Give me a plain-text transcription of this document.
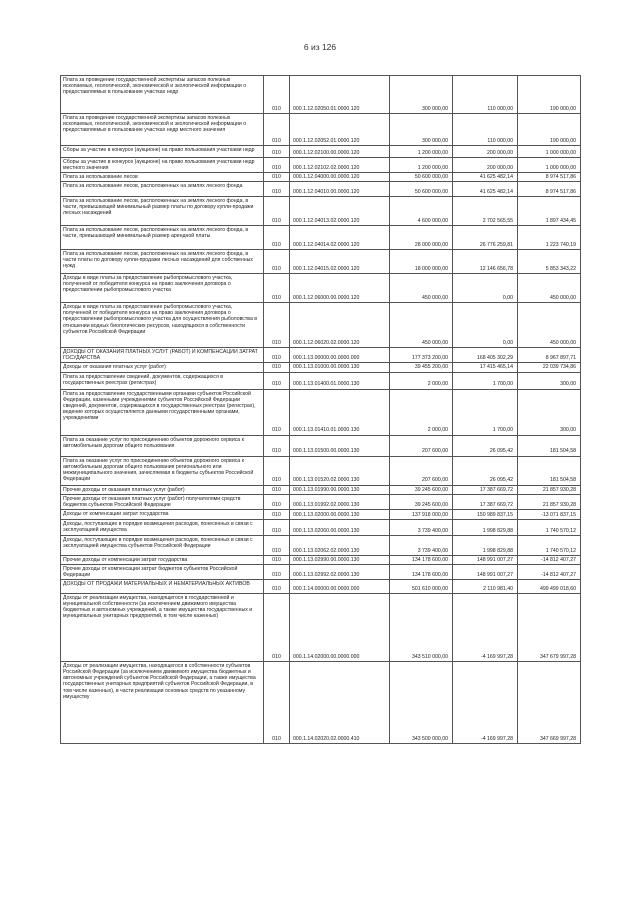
6 из 126
Плата за проведение государственной экспертизы запасов полезных ископаемых, геологической, экономической и экологической информации о предоставляемых в пользование участках недр	010	000.1.12.02050.01.0000.120	300 000,00	110 000,00	190 000,00
Плата за проведение государственной экспертизы запасов полезных ископаемых, геологической, экономической и экологической информации о предоставляемых в пользование участках недр местного значения	010	000.1.12.02052.01.0000.120	300 000,00	110 000,00	190 000,00
Сборы за участие в конкурсе (аукционе) на право пользования участками недр	010	000.1.12.02100.00.0000.120	1 200 000,00	200 000,00	1 000 000,00
Сборы за участие в конкурсе (аукционе) на право пользования участками недр местного значения	010	000.1.12.02102.02.0000.120	1 200 000,00	200 000,00	1 000 000,00
Плата за использование лесов	010	000.1.12.04000.00.0000.120	50 600 000,00	41 625 482,14	8 974 517,86
Плата за использование лесов, расположенных на землях лесного фонда	010	000.1.12.04010.00.0000.120	50 600 000,00	41 625 482,14	8 974 517,86
Плата за использование лесов, расположенных на землях лесного фонда, в части, превышающей минимальный размер платы по договору купли-продажи лесных насаждений	010	000.1.12.04013.02.0000.120	4 600 000,00	2 702 565,55	1 897 434,45
Плата за использование лесов, расположенных на землях лесного фонда, в части, превышающей минимальный размер арендной платы	010	000.1.12.04014.02.0000.120	28 000 000,00	26 776 259,81	1 223 740,19
Плата за использование лесов, расположенных на землях лесного фонда, в части платы по договору купли-продажи лесных насаждений для собственных нужд	010	000.1.12.04015.02.0000.120	18 000 000,00	12 146 656,78	5 853 343,22
Доходы в виде платы за предоставление рыбопромыслового участка, полученной от победителя конкурса на право заключения договора о предоставлении рыбопромыслового участка	010	000.1.12.06000.00.0000.120	450 000,00	0,00	450 000,00
Доходы в виде платы за предоставление рыбопромыслового участка, полученной от победителя конкурса на право заключения договора о предоставлении рыбопромыслового участка для осуществления рыболовства в отношении водных биологических ресурсов, находящихся в собственности субъектов Российской Федерации	010	000.1.12.06020.02.0000.120	450 000,00	0,00	450 000,00
ДОХОДЫ ОТ ОКАЗАНИЯ ПЛАТНЫХ УСЛУГ (РАБОТ) И КОМПЕНСАЦИИ ЗАТРАТ ГОСУДАРСТВА	010	000.1.13.00000.00.0000.000	177 373 200,00	168 405 302,29	8 967 897,71
Доходы от оказания платных услуг (работ)	010	000.1.13.01000.00.0000.130	39 455 200,00	17 415 465,14	22 039 734,86
Плата за предоставление сведений, документов, содержащихся в государственных реестрах (регистрах)	010	000.1.13.01400.01.0000.130	2 000,00	1 700,00	300,00
Плата за предоставление государственными органами субъектов Российской Федерации, казенными учреждениями субъектов Российской Федерации сведений, документов, содержащихся в государственных реестрах (регистрах), ведение которых осуществляется данными государственными органами, учреждениями	010	000.1.13.01410.01.0000.130	2 000,00	1 700,00	300,00
Плата за оказание услуг по присоединению объектов дорожного сервиса к автомобильным дорогам общего пользования	010	000.1.13.01500.00.0000.130	207 600,00	26 095,42	181 504,58
Плата за оказание услуг по присоединению объектов дорожного сервиса к автомобильным дорогам общего пользования регионального или межмуниципального значения, зачисляемая в бюджеты субъектов Российской Федерации	010	000.1.13.01520.02.0000.130	207 600,00	26 095,42	181 504,58
Прочие доходы от оказания платных услуг (работ)	010	000.1.13.01990.00.0000.130	39 245 600,00	17 387 669,72	21 857 930,28
Прочие доходы от оказания платных услуг (работ) получателями средств бюджетов субъектов Российской Федерации	010	000.1.13.01992.02.0000.130	39 245 600,00	17 387 669,72	21 857 930,28
Доходы от компенсации затрат государства	010	000.1.13.02000.00.0000.130	137 918 000,00	150 989 837,15	-13 071 837,15
Доходы, поступающие в порядке возмещения расходов, понесенных в связи с эксплуатацией имущества	010	000.1.13.02060.00.0000.130	3 739 400,00	1 998 829,88	1 740 570,12
Доходы, поступающие в порядке возмещения расходов, понесенных в связи с эксплуатацией имущества субъектов Российской Федерации	010	000.1.13.02062.02.0000.130	3 739 400,00	1 998 829,88	1 740 570,12
Прочие доходы от компенсации затрат государства	010	000.1.13.02990.00.0000.130	134 178 600,00	148 991 007,27	-14 812 407,27
Прочие доходы от компенсации затрат бюджетов субъектов Российской Федерации	010	000.1.13.02992.02.0000.130	134 178 600,00	148 991 007,27	-14 812 407,27
ДОХОДЫ ОТ ПРОДАЖИ МАТЕРИАЛЬНЫХ И НЕМАТЕРИАЛЬНЫХ АКТИВОВ	010	000.1.14.00000.00.0000.000	501 610 000,00	2 110 981,40	499 499 018,60
Доходы от реализации имущества, находящегося в государственной и муниципальной собственности (за исключением движимого имущества бюджетных и автономных учреждений, а также имущества государственных и муниципальных унитарных предприятий, в том числе казенных)	010	000.1.14.02000.00.0000.000	343 510 000,00	-4 169 997,28	347 679 997,28
Доходы от реализации имущества, находящегося в собственности субъектов Российской Федерации (за исключением движимого имущества бюджетных и автономных учреждений субъектов Российской Федерации, а также имущества государственных унитарных предприятий субъектов Российской Федерации, в том числе казенных), в части реализации основных средств по указанному имуществу	010	000.1.14.02020.02.0000.410	343 500 000,00	-4 169 997,28	347 669 997,28
